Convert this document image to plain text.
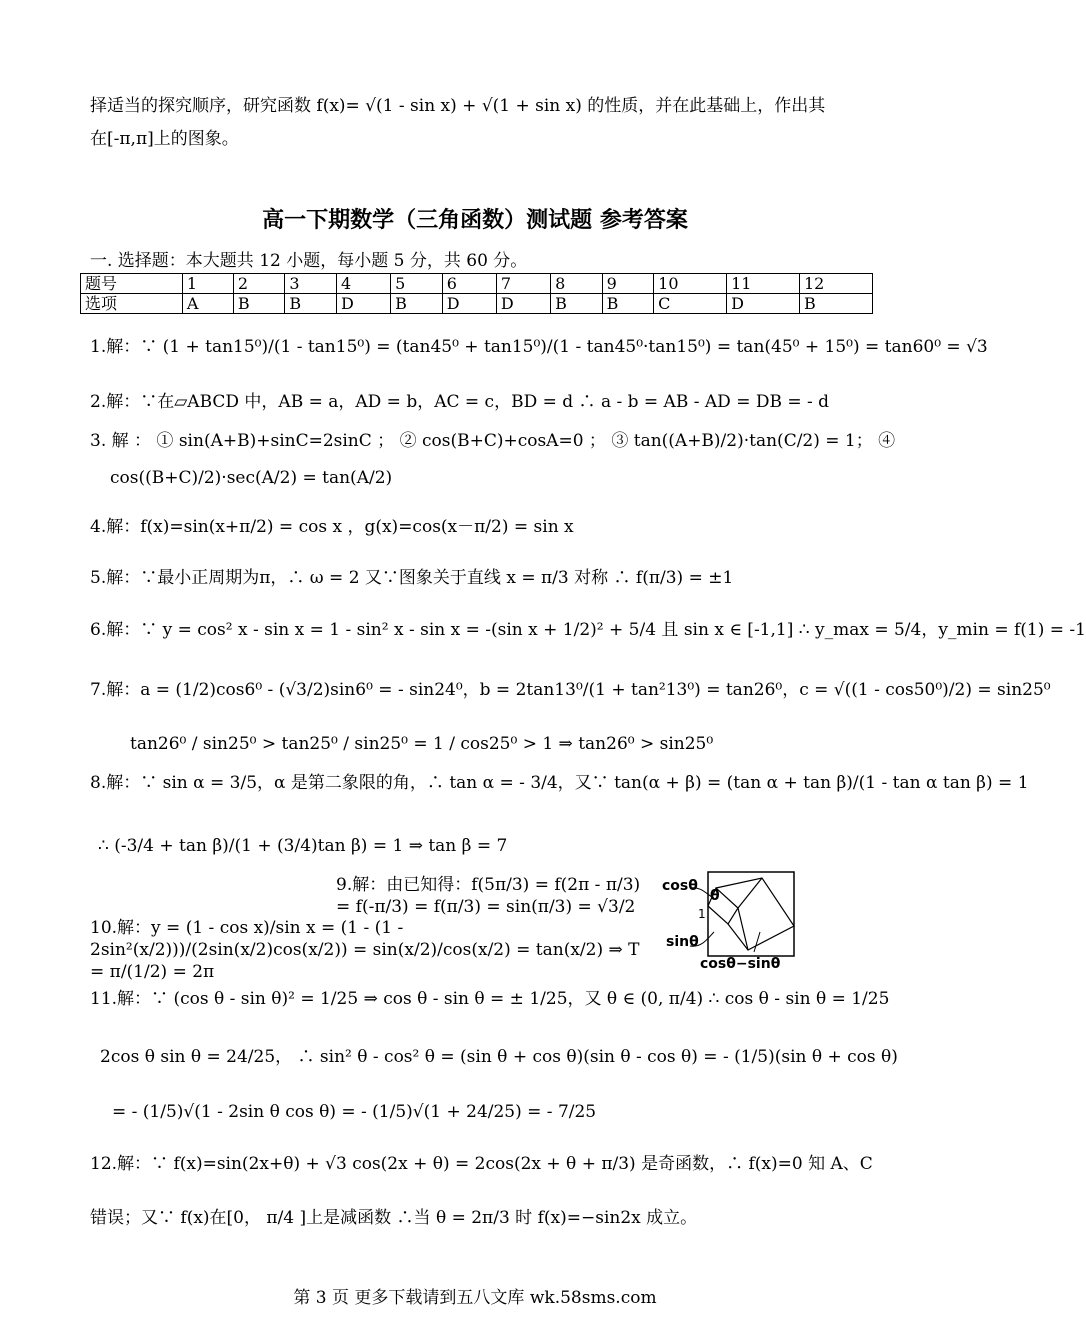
择适当的探究顺序，研究函数 f(x)= √(1 - sin x) + √(1 + sin x) 的性质，并在此基础上，作出其
在[-π,π]上的图象。
高一下期数学（三角函数）测试题 参考答案
一. 选择题：本大题共 12 小题，每小题 5 分，共 60 分。
题号	1	2	3	4	5	6	7	8	9	10	11	12
选项	A	B	B	D	B	D	D	B	B	C	D	B
1.解：∵ (1 + tan15⁰)/(1 - tan15⁰) = (tan45⁰ + tan15⁰)/(1 - tan45⁰·tan15⁰) = tan(45⁰ + 15⁰) = tan60⁰ = √3
2.解：∵在▱ABCD 中，AB = a，AD = b，AC = c，BD = d ∴ a - b = AB - AD = DB = - d
3. 解 ： ① sin(A+B)+sinC=2sinC ； ② cos(B+C)+cosA=0 ； ③ tan((A+B)/2)·tan(C/2) = 1； ④
cos((B+C)/2)·sec(A/2) = tan(A/2)
4.解：f(x)=sin(x+π/2) = cos x ，g(x)=cos(x－π/2) = sin x
5.解：∵最小正周期为π，∴ ω = 2 又∵图象关于直线 x = π/3 对称 ∴ f(π/3) = ±1
6.解：∵ y = cos² x - sin x = 1 - sin² x - sin x = -(sin x + 1/2)² + 5/4 且 sin x ∈ [-1,1] ∴ y_max = 5/4，y_min = f(1) = -1
7.解：a = (1/2)cos6⁰ - (√3/2)sin6⁰ = - sin24⁰，b = 2tan13⁰/(1 + tan²13⁰) = tan26⁰，c = √((1 - cos50⁰)/2) = sin25⁰
tan26⁰ / sin25⁰ > tan25⁰ / sin25⁰ = 1 / cos25⁰ > 1 ⇒ tan26⁰ > sin25⁰
8.解：∵ sin α = 3/5，α 是第二象限的角，∴ tan α = - 3/4，又∵ tan(α + β) = (tan α + tan β)/(1 - tan α tan β) = 1
∴ (-3/4 + tan β)/(1 + (3/4)tan β) = 1 ⇒ tan β = 7
9.解：由已知得：f(5π/3) = f(2π - π/3) = f(-π/3) = f(π/3) = sin(π/3) = √3/2
10.解：y = (1 - cos x)/sin x = (1 - (1 - 2sin²(x/2)))/(2sin(x/2)cos(x/2)) = sin(x/2)/cos(x/2) = tan(x/2) ⇒ T = π/(1/2) = 2π
cosθ
θ
1
sinθ
cosθ−sinθ
11.解：∵ (cos θ - sin θ)² = 1/25 ⇒ cos θ - sin θ = ± 1/25，又 θ ∈ (0, π/4) ∴ cos θ - sin θ = 1/25
2cos θ sin θ = 24/25， ∴ sin² θ - cos² θ = (sin θ + cos θ)(sin θ - cos θ) = - (1/5)(sin θ + cos θ)
= - (1/5)√(1 - 2sin θ cos θ) = - (1/5)√(1 + 24/25) = - 7/25
12.解：∵ f(x)=sin(2x+θ) + √3 cos(2x + θ) = 2cos(2x + θ + π/3) 是奇函数，∴ f(x)=0 知 A、C
错误；又∵ f(x)在[0， π/4 ]上是减函数 ∴当 θ = 2π/3 时 f(x)=−sin2x 成立。
第 3 页 更多下载请到五八文库 wk.58sms.com
